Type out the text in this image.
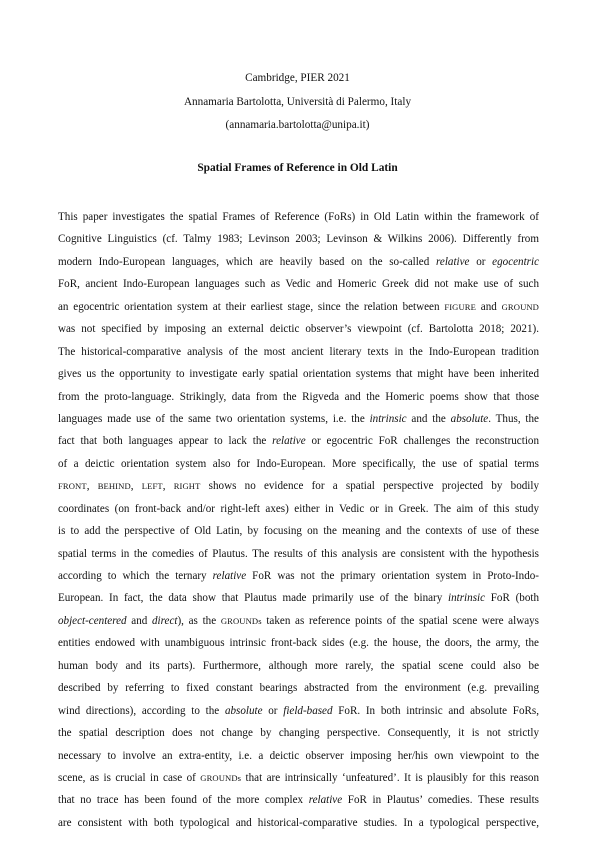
Cambridge, PIER 2021
Annamaria Bartolotta, Università di Palermo, Italy
(annamaria.bartolotta@unipa.it)
Spatial Frames of Reference in Old Latin
This paper investigates the spatial Frames of Reference (FoRs) in Old Latin within the framework of
Cognitive Linguistics (cf. Talmy 1983; Levinson 2003; Levinson & Wilkins 2006). Differently from
modern Indo-European languages, which are heavily based on the so-called relative or egocentric
FoR, ancient Indo-European languages such as Vedic and Homeric Greek did not make use of such
an egocentric orientation system at their earliest stage, since the relation between FIGURE and GROUND
was not specified by imposing an external deictic observer’s viewpoint (cf. Bartolotta 2018; 2021).
The historical-comparative analysis of the most ancient literary texts in the Indo-European tradition
gives us the opportunity to investigate early spatial orientation systems that might have been inherited
from the proto-language. Strikingly, data from the Rigveda and the Homeric poems show that those
languages made use of the same two orientation systems, i.e. the intrinsic and the absolute. Thus, the
fact that both languages appear to lack the relative or egocentric FoR challenges the reconstruction
of a deictic orientation system also for Indo-European. More specifically, the use of spatial terms
FRONT, BEHIND, LEFT, RIGHT shows no evidence for a spatial perspective projected by bodily
coordinates (on front-back and/or right-left axes) either in Vedic or in Greek. The aim of this study
is to add the perspective of Old Latin, by focusing on the meaning and the contexts of use of these
spatial terms in the comedies of Plautus. The results of this analysis are consistent with the hypothesis
according to which the ternary relative FoR was not the primary orientation system in Proto-Indo-
European. In fact, the data show that Plautus made primarily use of the binary intrinsic FoR (both
object-centered and direct), as the GROUNDs taken as reference points of the spatial scene were always
entities endowed with unambiguous intrinsic front-back sides (e.g. the house, the doors, the army, the
human body and its parts). Furthermore, although more rarely, the spatial scene could also be
described by referring to fixed constant bearings abstracted from the environment (e.g. prevailing
wind directions), according to the absolute or field-based FoR. In both intrinsic and absolute FoRs,
the spatial description does not change by changing perspective. Consequently, it is not strictly
necessary to involve an extra-entity, i.e. a deictic observer imposing her/his own viewpoint to the
scene, as is crucial in case of GROUNDs that are intrinsically ‘unfeatured’. It is plausibly for this reason
that no trace has been found of the more complex relative FoR in Plautus’ comedies. These results
are consistent with both typological and historical-comparative studies. In a typological perspective,
